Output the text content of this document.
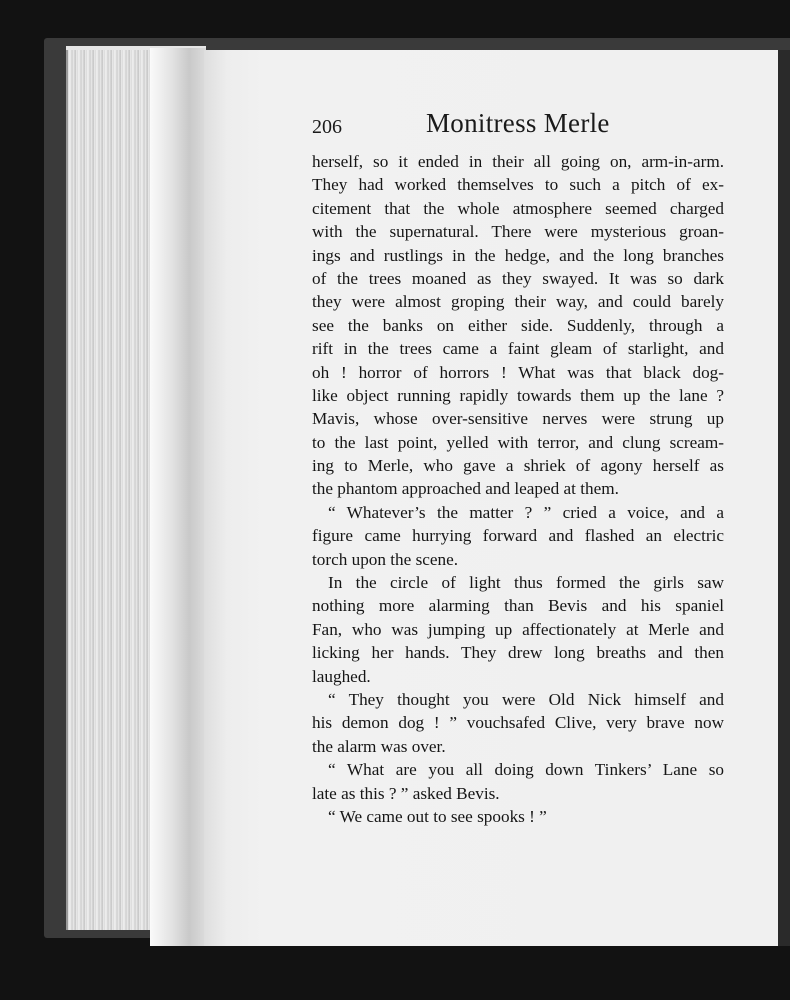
206	Monitress Merle
herself, so it ended in their all going on, arm-in-arm.
They had worked themselves to such a pitch of ex-
citement that the whole atmosphere seemed charged
with the supernatural. There were mysterious groan-
ings and rustlings in the hedge, and the long branches
of the trees moaned as they swayed. It was so dark
they were almost groping their way, and could barely
see the banks on either side. Suddenly, through a
rift in the trees came a faint gleam of starlight, and
oh ! horror of horrors ! What was that black dog-
like object running rapidly towards them up the lane ?
Mavis, whose over-sensitive nerves were strung up
to the last point, yelled with terror, and clung scream-
ing to Merle, who gave a shriek of agony herself as
the phantom approached and leaped at them.
“ Whatever’s the matter ? ” cried a voice, and a
figure came hurrying forward and flashed an electric
torch upon the scene.
In the circle of light thus formed the girls saw
nothing more alarming than Bevis and his spaniel
Fan, who was jumping up affectionately at Merle and
licking her hands. They drew long breaths and then
laughed.
“ They thought you were Old Nick himself and
his demon dog ! ” vouchsafed Clive, very brave now
the alarm was over.
“ What are you all doing down Tinkers’ Lane so
late as this ? ” asked Bevis.
“ We came out to see spooks ! ”
